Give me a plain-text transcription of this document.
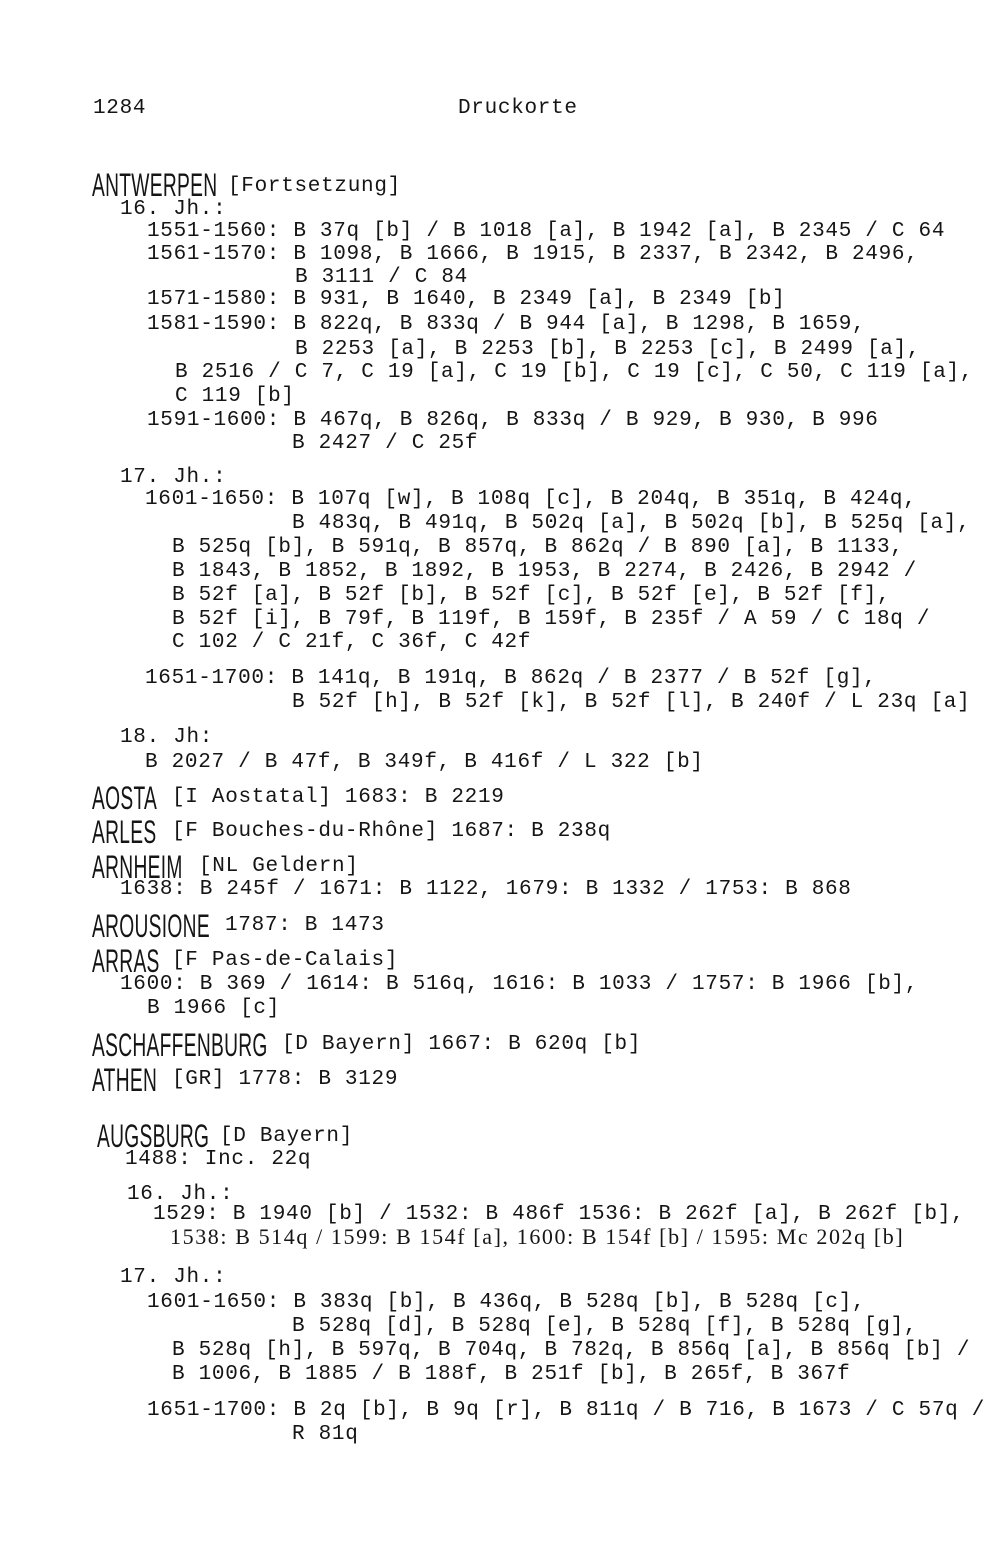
1284	Druckorte
ANTWERPEN [Fortsetzung]
16. Jh.:
1551-1560: B 37q [b] / B 1018 [a], B 1942 [a], B 2345 / C 64
1561-1570: B 1098, B 1666, B 1915, B 2337, B 2342, B 2496,
B 3111 / C 84
1571-1580: B 931, B 1640, B 2349 [a], B 2349 [b]
1581-1590: B 822q, B 833q / B 944 [a], B 1298, B 1659,
B 2253 [a], B 2253 [b], B 2253 [c], B 2499 [a],
B 2516 / C 7, C 19 [a], C 19 [b], C 19 [c], C 50, C 119 [a],
C 119 [b]
1591-1600: B 467q, B 826q, B 833q / B 929, B 930, B 996
B 2427 / C 25f
17. Jh.:
1601-1650: B 107q [w], B 108q [c], B 204q, B 351q, B 424q,
B 483q, B 491q, B 502q [a], B 502q [b], B 525q [a],
B 525q [b], B 591q, B 857q, B 862q / B 890 [a], B 1133,
B 1843, B 1852, B 1892, B 1953, B 2274, B 2426, B 2942 /
B 52f [a], B 52f [b], B 52f [c], B 52f [e], B 52f [f],
B 52f [i], B 79f, B 119f, B 159f, B 235f / A 59 / C 18q /
C 102 / C 21f, C 36f, C 42f
1651-1700: B 141q, B 191q, B 862q / B 2377 / B 52f [g],
B 52f [h], B 52f [k], B 52f [l], B 240f / L 23q [a]
18. Jh:
B 2027 / B 47f, B 349f, B 416f / L 322 [b]
AOSTA [I Aostatal] 1683: B 2219
ARLES [F Bouches-du-Rhône] 1687: B 238q
ARNHEIM [NL Geldern]
1638: B 245f / 1671: B 1122, 1679: B 1332 / 1753: B 868
AROUSIONE 1787: B 1473
ARRAS [F Pas-de-Calais]
1600: B 369 / 1614: B 516q, 1616: B 1033 / 1757: B 1966 [b],
B 1966 [c]
ASCHAFFENBURG [D Bayern] 1667: B 620q [b]
ATHEN [GR] 1778: B 3129
AUGSBURG [D Bayern]
1488: Inc. 22q
16. Jh.:
1529: B 1940 [b] / 1532: B 486f 1536: B 262f [a], B 262f [b],
1538: B 514q / 1599: B 154f [a], 1600: B 154f [b] / 1595: Mc 202q [b]
17. Jh.:
1601-1650: B 383q [b], B 436q, B 528q [b], B 528q [c],
B 528q [d], B 528q [e], B 528q [f], B 528q [g],
B 528q [h], B 597q, B 704q, B 782q, B 856q [a], B 856q [b] /
B 1006, B 1885 / B 188f, B 251f [b], B 265f, B 367f
1651-1700: B 2q [b], B 9q [r], B 811q / B 716, B 1673 / C 57q /
R 81q
